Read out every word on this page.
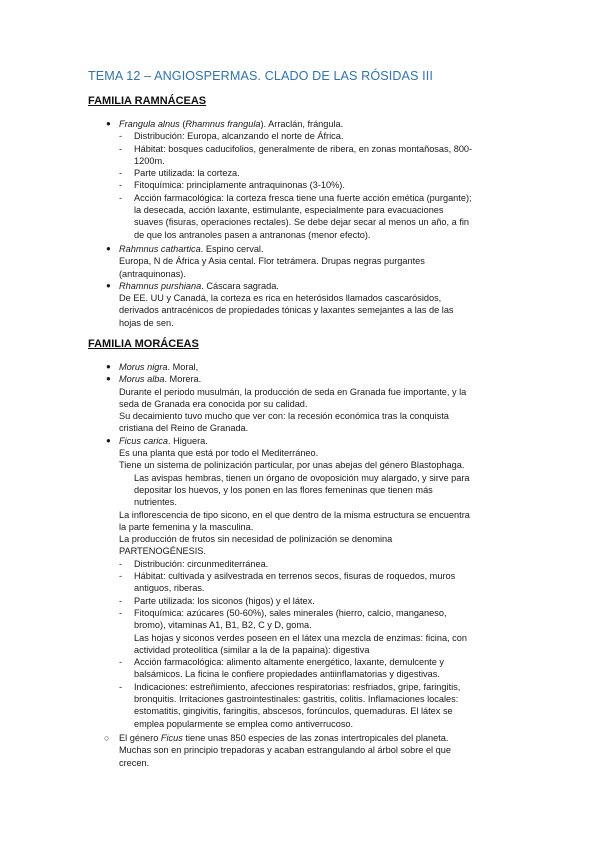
TEMA 12 – ANGIOSPERMAS. CLADO DE LAS RÓSIDAS III
FAMILIA RAMNÁCEAS
● Frangula alnus (Rhamnus frangula). Arraclán, frángula.
- Distribución: Europa, alcanzando el norte de África.
- Hábitat: bosques caducifolios, generalmente de ribera, en zonas montañosas, 800-
1200m.
- Parte utilizada: la corteza.
- Fitoquímica: principlamente antraquinonas (3-10%).
- Acción farmacológica: la corteza fresca tiene una fuerte acción emética (purgante);
la desecada, acción laxante, estimulante, especialmente para evacuaciones
suaves (fisuras, operaciones rectales). Se debe dejar secar al menos un año, a fin
de que los antranoles pasen a antranonas (menor efecto).
● Rahmnus cathartica. Espino cerval.
Europa, N de África y Asia cental. Flor tetrámera. Drupas negras purgantes
(antraquinonas).
● Rhamnus purshiana. Cáscara sagrada.
De EE. UU y Canadá, la corteza es rica en heterósidos llamados cascarósidos,
derivados antracénicos de propiedades tónicas y laxantes semejantes a las de las
hojas de sen.
FAMILIA MORÁCEAS
● Morus nigra. Moral,
● Morus alba. Morera.
Durante el periodo musulmán, la producción de seda en Granada fue importante, y la
seda de Granada era conocida por su calidad.
Su decaimiento tuvo mucho que ver con: la recesión económica tras la conquista
cristiana del Reino de Granada.
● Ficus carica. Higuera.
Es una planta que está por todo el Mediterráneo.
Tiene un sistema de polinización particular, por unas abejas del género Blastophaga.
Las avispas hembras, tienen un órgano de ovoposición muy alargado, y sirve para
depositar los huevos, y los ponen en las flores femeninas que tienen más
nutrientes.
La inflorescencia de tipo sicono, en el que dentro de la misma estructura se encuentra
la parte femenina y la masculina.
La producción de frutos sin necesidad de polinización se denomina
PARTENOGÉNESIS.
- Distribución: circunmediterránea.
- Hábitat: cultivada y asilvestrada en terrenos secos, fisuras de roquedos, muros
antiguos, riberas.
- Parte utilizada: los siconos (higos) y el látex.
- Fitoquímica: azúcares (50-60%), sales minerales (hierro, calcio, manganeso,
bromo), vitaminas A1, B1, B2, C y D, goma.
Las hojas y siconos verdes poseen en el látex una mezcla de enzimas: ficina, con
actividad proteolítica (similar a la de la papaina): digestiva
- Acción farmacológica: alimento altamente energético, laxante, demulcente y
balsámicos. La ficina le confiere propiedades antiinflamatorias y digestivas.
- Indicaciones: estreñimiento, afecciones respiratorias: resfriados, gripe, faringitis,
bronquitis. Irritaciones gastrointestinales: gastritis, colitis. Inflamaciones locales:
estomatitis, gingivitis, faringitis, abscesos, forúnculos, quemaduras. El látex se
emplea popularmente se emplea como antiverrucoso.
○	El género Ficus tiene unas 850 especies de las zonas intertropicales del planeta.
Muchas son en principio trepadoras y acaban estrangulando al árbol sobre el que
crecen.
